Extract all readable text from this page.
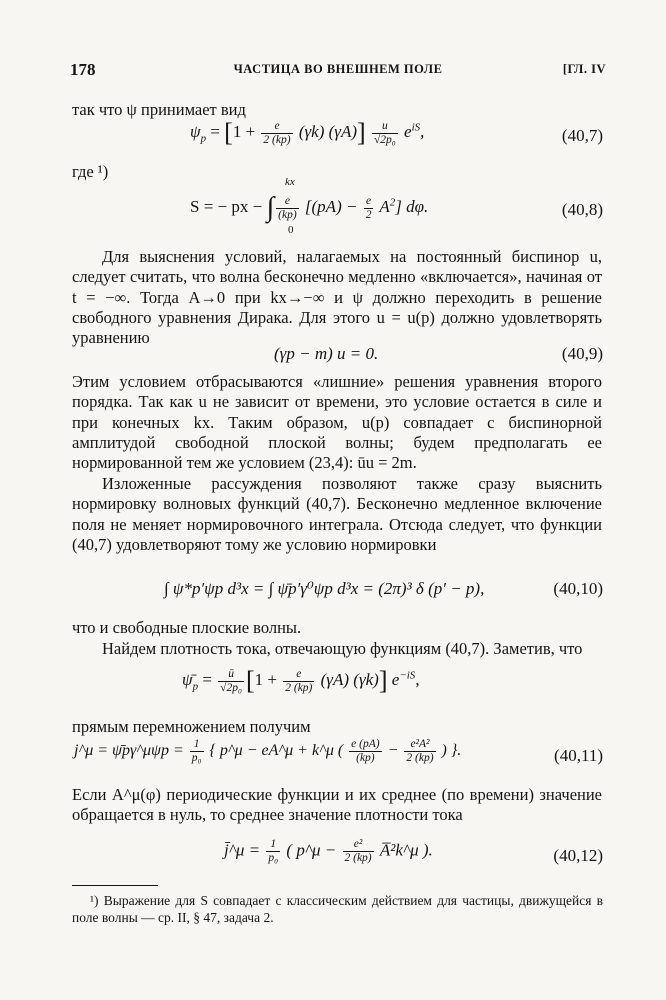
178	ЧАСТИЦА ВО ВНЕШНЕМ ПОЛЕ	[ГЛ. IV
так что ψ принимает вид
$\psi_p = [1 + \frac{e}{2 (kp)} (\gamma k)$ $(\gamma A)] \frac{u}{\text{√2p₀}} e^{iS}$,	(40,7)
где ¹)
S = − px − ∫ $\frac{e}{(kp)} [(pA) - \frac{e}{2} A^2]$ dφ.
kx
0
(40,8)
Для выяснения условий, налагаемых на постоянный биспинор u, следует считать, что волна бесконечно медленно «включается», начиная от t = −∞. Тогда A→0 при kx→−∞ и ψ должно переходить в решение свободного уравнения Дирака. Для этого u = u(p) должно удовлетворять уравнению
(γp − m) u = 0.	(40,9)
Этим условием отбрасываются «лишние» решения уравнения второго порядка. Так как u не зависит от времени, это условие остается в силе и при конечных kx. Таким образом, u(p) совпадает с биспинорной амплитудой свободной плоской волны; будем предполагать ее нормированной тем же условием (23,4): ūu = 2m.
Изложенные рассуждения позволяют также сразу выяснить нормировку волновых функций (40,7). Бесконечно медленное включение поля не меняет нормировочного интеграла. Отсюда следует, что функции (40,7) удовлетворяют тому же условию нормировки
∫ ψ*p′ψp d³x = ∫ ψ̄p′γ⁰ψp d³x = (2π)³ δ (p′ − p),	(40,10)
что и свободные плоские волны.
Найдем плотность тока, отвечающую функциям (40,7). Заметив, что
$\psī_p = \frac{ū}{\text{√2p₀}} [1 + \frac{e}{2 (kp)} (\gamma A)$ (γk)] $e^{-iS}$,
прямым перемножением получим
j^μ = ψ̄pγ^μψp = $\frac{1}{\text{p₀}}$ { p^μ − eA^μ + k^μ ( $\frac{e (pA)}{(kp)} - \frac{\text{e²A²}}{2 (kp)}$ ) }.	(40,11)
Если A^μ(φ) периодические функции и их среднее (по времени) значение обращается в нуль, то среднее значение плотности тока
j̄^μ = $\frac{1}{\text{p₀}}$ ( p^μ − $\frac{\text{e²}}{2 (kp)}$ A̅²k^μ ).	(40,12)
¹) Выражение для S совпадает с классическим действием для частицы, движущейся в поле волны — ср. II, § 47, задача 2.
